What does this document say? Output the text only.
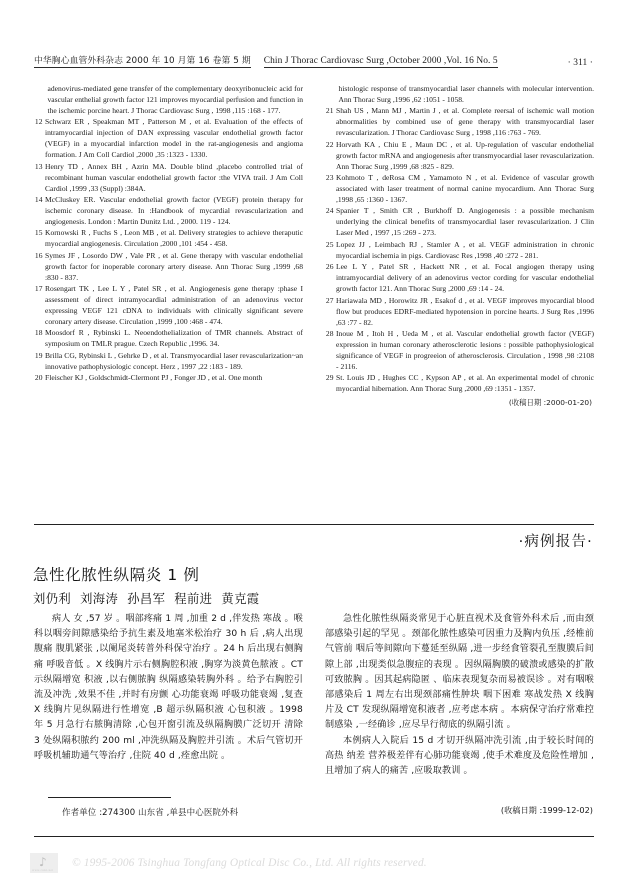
中华胸心血管外科杂志 2000 年 10 月第 16 卷第 5 期 Chin J Thorac Cardiovasc Surg ,October 2000 ,Vol. 16 No. 5	· 311 ·
adenovirus-mediated gene transfer of the complementary deoxyribonucleic acid for vascular enthelial growth factor 121 improves myocardial perfusion and function in the ischemic porcine heart. J Thorac Cardiovasc Surg , 1998 ,115 :168 - 177.
12 Schwarz ER , Speakman MT , Patterson M , et al. Evaluation of the effects of intramyocardial injection of DAN expressing vascular endothelial growth factor (VEGF) in a myocardial infarction model in the rat-angiogenesis and angioma formation. J Am Coll Cardiol ,2000 ,35 :1323 - 1330.
13 Henry TD , Annex BH , Azrin MA. Double blind ,placebo controlled trial of recombinant human vascular endothelial growth factor :the VIVA trail. J Am Coll Cardiol ,1999 ,33 (Suppl) :384A.
14 McCluskey ER. Vascular endothelial growth factor (VEGF) protein therapy for ischemic coronary disease. In :Handbook of mycardial revascularization and angiogenesis. London : Martin Dunitz Ltd. , 2000. 119 - 124.
15 Kornowski R , Fuchs S , Leon MB , et al. Delivery strategies to achieve theraputic myocardial angiogenesis. Circulation ,2000 ,101 :454 - 458.
16 Symes JF , Losordo DW , Vale PR , et al. Gene therapy with vascular endothelial growth factor for inoperable coronary artery disease. Ann Thorac Surg ,1999 ,68 :830 - 837.
17 Rosengart TK , Lee L Y , Patel SR , et al. Angiogenesis gene therapy :phase I assessment of direct intramyocardial administration of an adenovirus vector expressing VEGF 121 cDNA to individuals with clinically significant severe coronary artery disease. Circulation ,1999 ,100 :468 - 474.
18 Moosdorf R , Rybinski L. Neoendothelialization of TMR channels. Abstract of symposium on TMLR prague. Czech Republic ,1996. 34.
19 Brilla CG, Rybinski L , Gehrke D , et al. Transmyocardial laser revascularization~an innovative pathophysiologic concept. Herz , 1997 ,22 :183 - 189.
20 Fleischer KJ , Goldschmidt-Clermont PJ , Fonger JD , et al. One month
histologic response of transmyocardial laser channels with molecular intervention. Ann Thorac Surg ,1996 ,62 :1051 - 1058.
21 Shah US , Mann MJ , Martin J , et al. Complete reersal of ischemic wall motion abnormalities by combined use of gene therapy with transmyocardial laser revascularization. J Thorac Cardiovasc Surg , 1998 ,116 :763 - 769.
22 Horvath KA , Chiu E , Maun DC , et al. Up-regulation of vascular endothelial growth factor mRNA and angiogenesis after transmyocardial laser revascularization. Ann Thorac Surg ,1999 ,68 :825 - 829.
23 Kohmoto T , deRosa CM , Yamamoto N , et al. Evidence of vascular growth associated with laser treatment of normal canine myocardium. Ann Thorac Surg ,1998 ,65 :1360 - 1367.
24 Spanier T , Smith CR , Burkhoff D. Angiogenesis : a possible mechanism underlying the clinical benefits of transmyocardial laser revascularization. J Clin Laser Med , 1997 ,15 :269 - 273.
25 Lopez JJ , Leimbach RJ , Stamler A , et al. VEGF administration in chronic myocardial ischemia in pigs. Cardiovasc Res ,1998 ,40 :272 - 281.
26 Lee L Y , Patel SR , Hackett NR , et al. Focal angiogen therapy using intramyocardial delivery of an adenovirus vector cording for vascular endothelial growth factor 121. Ann Thorac Surg ,2000 ,69 :14 - 24.
27 Hariawala MD , Horowitz JR , Esakof d , et al. VEGF improves myocardial blood flow but produces EDRF-mediated hypotension in porcine hearts. J Surg Res ,1996 ,63 :77 - 82.
28 Inoue M , Itoh H , Ueda M , et al. Vascular endothelial growth factor (VEGF) expression in human coronary atherosclerotic lesions : possible pathophysiological significance of VEGF in progreeion of atherosclerosis. Circulation , 1998 ,98 :2108 - 2116.
29 St. Louis JD , Hughes CC , Kypson AP , et al. An experimental model of chronic myocardial hibernation. Ann Thorac Surg ,2000 ,69 :1351 - 1357.
(收稿日期 :2000-01-20)
·病例报告·
急性化脓性纵隔炎 1 例
刘仍利 刘海涛 孙昌军 程前进 黄克霞

病人 女 ,57 岁 。咽部疼痛 1 周 ,加重 2 d ,伴发热 寒战 。喉科以咽旁间隙感染给予抗生素及地塞米松治疗 30 h 后 ,病人出现腹痛 腹肌紧张 ,以阑尾炎转普外科保守治疗 。24 h 后出现右侧胸痛 呼吸音低 。X 线胸片示右侧胸腔积液 ,胸穿为淡黄色脓液 。CT 示纵隔增宽 积液 ,以右侧脓胸 纵隔感染转胸外科 。给予右胸腔引流及冲洗 ,效果不佳 ,并时有房颤 心功能衰竭 呼吸功能衰竭 ,复查 X 线胸片见纵隔进行性增宽 ,B 超示纵隔积液 心包积液 。1998 年 5 月急行右脓胸清除 ,心包开窗引流及纵隔胸膜广泛切开 清除 3 处纵隔积脓约 200 ml ,冲洗纵隔及胸腔并引流 。术后气管切开 呼吸机辅助通气等治疗 ,住院 40 d ,痊愈出院 。

急性化脓性纵隔炎常见于心脏直视术及食管外科术后 ,而由颈部感染引起的罕见 。颈部化脓性感染可因重力及胸内负压 ,经椎前 气管前 咽后等间隙向下蔓延至纵隔 ,进一步经食管裂孔至腹膜后间隙上部 ,出现类似急腹症的表现 。因纵隔胸膜的破溃或感染的扩散可致脓胸 。因其起病隐匿 、临床表现复杂而易被误诊 。对有咽喉部感染后 1 周左右出现颈部痛性肿块 咽下困难 寒战发热 X 线胸片及 CT 发现纵隔增宽积液者 ,应考虑本病 。本病保守治疗常难控制感染 ,一经确诊 ,应尽早行彻底的纵隔引流 。

本例病人入院后 15 d 才切开纵隔冲洗引流 ,由于较长时间的高热 纳差 营养极差伴有心肺功能衰竭 ,使手术难度及危险性增加 ,且增加了病人的痛苦 ,应吸取教训 。

作者单位 :274300 山东省 ,单县中心医院外科	(收稿日期 :1999-12-02)
♪
www.cnki.net
© 1995-2006 Tsinghua Tongfang Optical Disc Co., Ltd. All rights reserved.
